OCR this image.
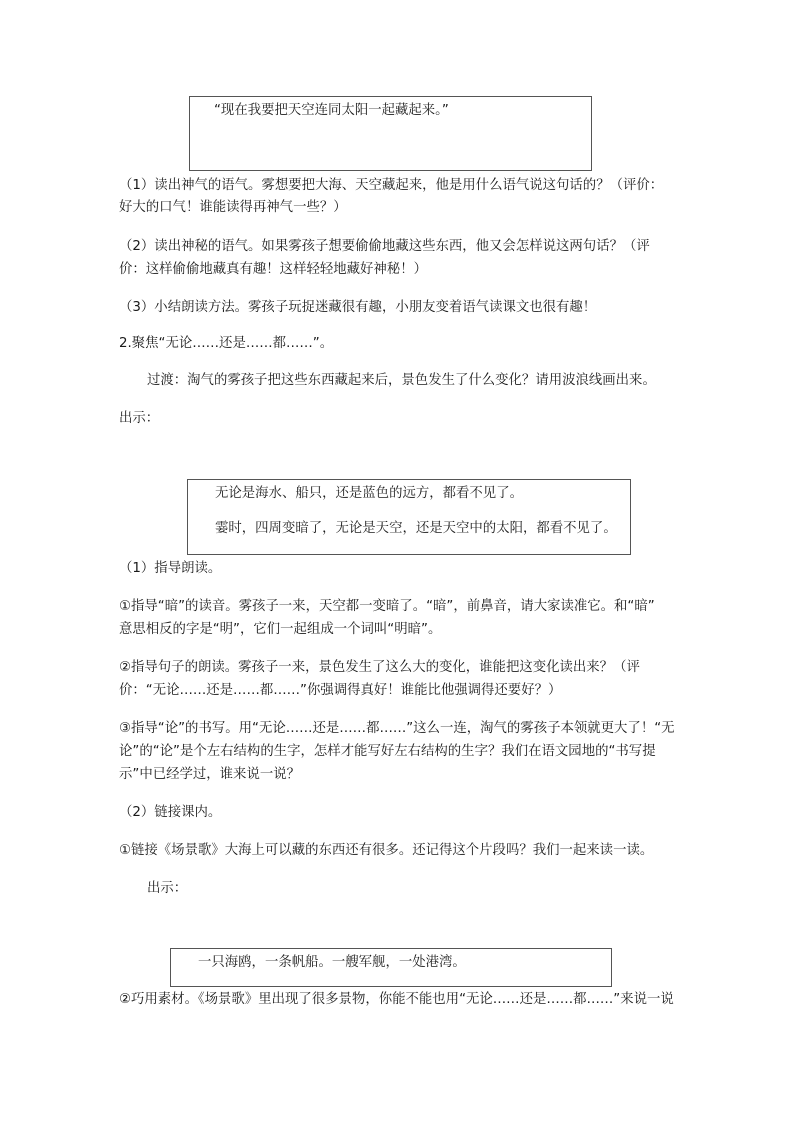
“现在我要把天空连同太阳一起藏起来。”
（1）读出神气的语气。雾想要把大海、天空藏起来，他是用什么语气说这句话的？（评价：
好大的口气！谁能读得再神气一些？）
（2）读出神秘的语气。如果雾孩子想要偷偷地藏这些东西，他又会怎样说这两句话？（评
价：这样偷偷地藏真有趣！这样轻轻地藏好神秘！）
（3）小结朗读方法。雾孩子玩捉迷藏很有趣，小朋友变着语气读课文也很有趣！
2.聚焦“无论……还是……都……”。
过渡：淘气的雾孩子把这些东西藏起来后，景色发生了什么变化？请用波浪线画出来。
出示：
无论是海水、船只，还是蓝色的远方，都看不见了。
霎时，四周变暗了，无论是天空，还是天空中的太阳，都看不见了。
（1）指导朗读。
①指导“暗”的读音。雾孩子一来，天空都一变暗了。“暗”，前鼻音，请大家读准它。和“暗”
意思相反的字是“明”，它们一起组成一个词叫“明暗”。
②指导句子的朗读。雾孩子一来，景色发生了这么大的变化，谁能把这变化读出来？（评
价：“无论……还是……都……”你强调得真好！谁能比他强调得还要好？）
③指导“论”的书写。用“无论……还是……都……”这么一连，淘气的雾孩子本领就更大了！“无
论”的“论”是个左右结构的生字，怎样才能写好左右结构的生字？我们在语文园地的“书写提
示”中已经学过，谁来说一说？
（2）链接课内。
①链接《场景歌》大海上可以藏的东西还有很多。还记得这个片段吗？我们一起来读一读。
出示：
一只海鸥，一条帆船。一艘军舰，一处港湾。
②巧用素材。《场景歌》里出现了很多景物，你能不能也用“无论……还是……都……”来说一说
